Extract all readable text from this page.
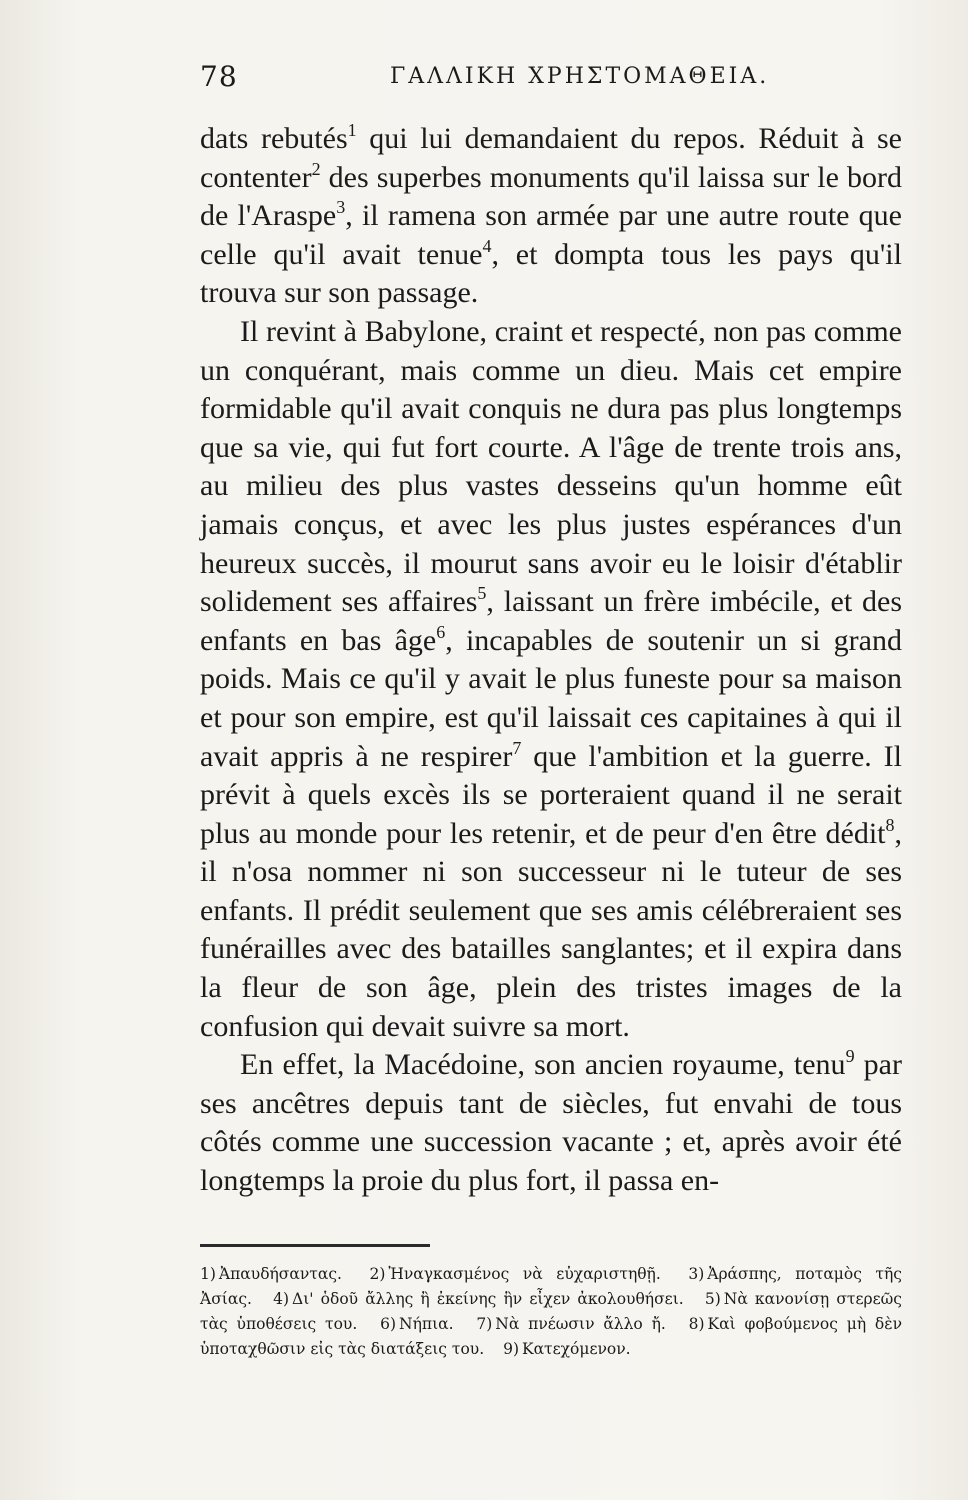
78	ΓΑΛΛΙΚΗ ΧΡΗΣΤΟΜΑΘΕΙΑ.

dats rebutés$^1$ qui lui demandaient du repos. Réduit à se contenter$^2$ des superbes monuments qu'il laissa sur le bord de l'Araspe$^3$, il ramena son armée par une autre route que celle qu'il avait tenue$^4$, et dompta tous les pays qu'il trouva sur son passage.

Il revint à Babylone, craint et respecté, non pas comme un conquérant, mais comme un dieu. Mais cet empire formidable qu'il avait conquis ne dura pas plus longtemps que sa vie, qui fut fort courte. A l'âge de trente trois ans, au milieu des plus vastes desseins qu'un homme eût jamais conçus, et avec les plus justes espérances d'un heureux succès, il mourut sans avoir eu le loisir d'établir solidement ses affaires$^5$, laissant un frère imbécile, et des enfants en bas âge$^6$, incapables de soutenir un si grand poids. Mais ce qu'il y avait le plus funeste pour sa maison et pour son empire, est qu'il laissait ces capitaines à qui il avait appris à ne respirer$^7$ que l'ambition et la guerre. Il prévit à quels excès ils se porteraient quand il ne serait plus au monde pour les retenir, et de peur d'en être dédit$^8$, il n'osa nommer ni son successeur ni le tuteur de ses enfants. Il prédit seulement que ses amis célébreraient ses funérailles avec des batailles sanglantes; et il expira dans la fleur de son âge, plein des tristes images de la confusion qui devait suivre sa mort.

En effet, la Macédoine, son ancien royaume, tenu$^9$ par ses ancêtres depuis tant de siècles, fut envahi de tous côtés comme une succession vacante ; et, après avoir été longtemps la proie du plus fort, il passa en-

1) Ἀπαυδήσαντας. 2) Ἠναγκασμένος νὰ εὐχαριστηθῇ. 3) Ἀράσπης, ποταμὸς τῆς Ἀσίας. 4) Δι' ὁδοῦ ἄλλης ἢ ἐκείνης ἣν εἶχεν ἀκολουθήσει. 5) Νὰ κανονίσῃ στερεῶς τὰς ὑποθέσεις του. 6) Νήπια. 7) Νὰ πνέωσιν ἄλλο ἤ. 8) Καὶ φοβούμενος μὴ δὲν ὑποταχθῶσιν εἰς τὰς διατάξεις του. 9) Κατεχόμενον.
